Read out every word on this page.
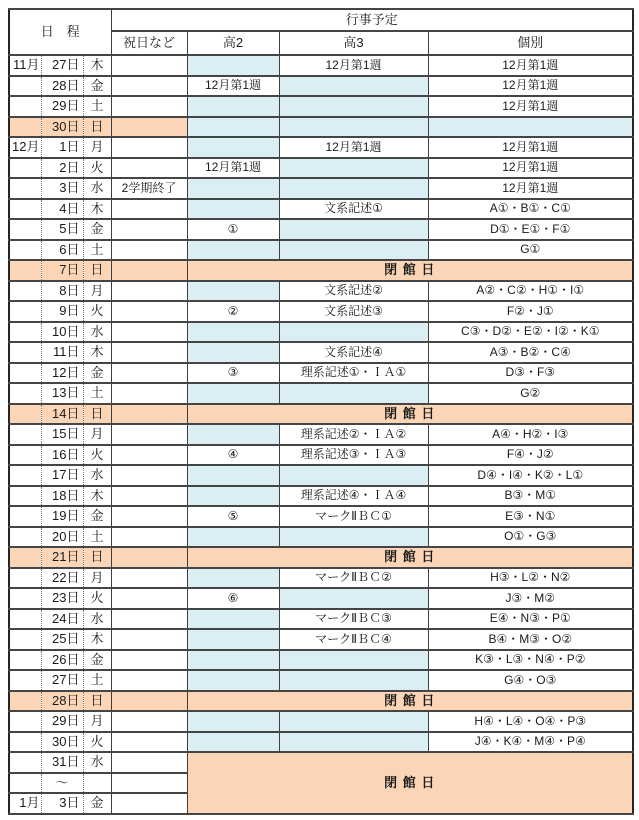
日　程			行事予定			
			祝日など	高2	高3	個別
11月	27日	木			12月第1週	12月第1週
	28日	金		12月第1週		12月第1週
	29日	土				12月第1週
	30日	日				
12月	1日	月			12月第1週	12月第1週
	2日	火		12月第1週		12月第1週
	3日	水	2学期終了			12月第1週
	4日	木			文系記述①	A①・B①・C①
	5日	金		①		D①・E①・F①
	6日	土				G①
	7日	日		閉 館 日		
	8日	月			文系記述②	A②・C②・H①・I①
	9日	火		②	文系記述③	F②・J①
	10日	水				C③・D②・E②・I②・K①
	11日	木			文系記述④	A③・B②・C④
	12日	金		③	理系記述①・ＩＡ①	D③・F③
	13日	土				G②
	14日	日		閉 館 日		
	15日	月			理系記述②・ＩＡ②	A④・H②・I③
	16日	火		④	理系記述③・ＩＡ③	F④・J②
	17日	水				D④・I④・K②・L①
	18日	木			理系記述④・ＩＡ④	B③・M①
	19日	金		⑤	マークⅡＢＣ①	E③・N①
	20日	土				O①・G③
	21日	日		閉 館 日		
	22日	月			マークⅡＢＣ②	H③・L②・N②
	23日	火		⑥		J③・M②
	24日	水			マークⅡＢＣ③	E④・N③・P①
	25日	木			マークⅡＢＣ④	B④・M③・O②
	26日	金				K③・L③・N④・P②
	27日	土				G④・O③
	28日	日		閉 館 日		
	29日	月				H④・L④・O④・P③
	30日	火				J④・K④・M④・P④
	31日	水		閉 館 日		
	～					
1月	3日	金				
